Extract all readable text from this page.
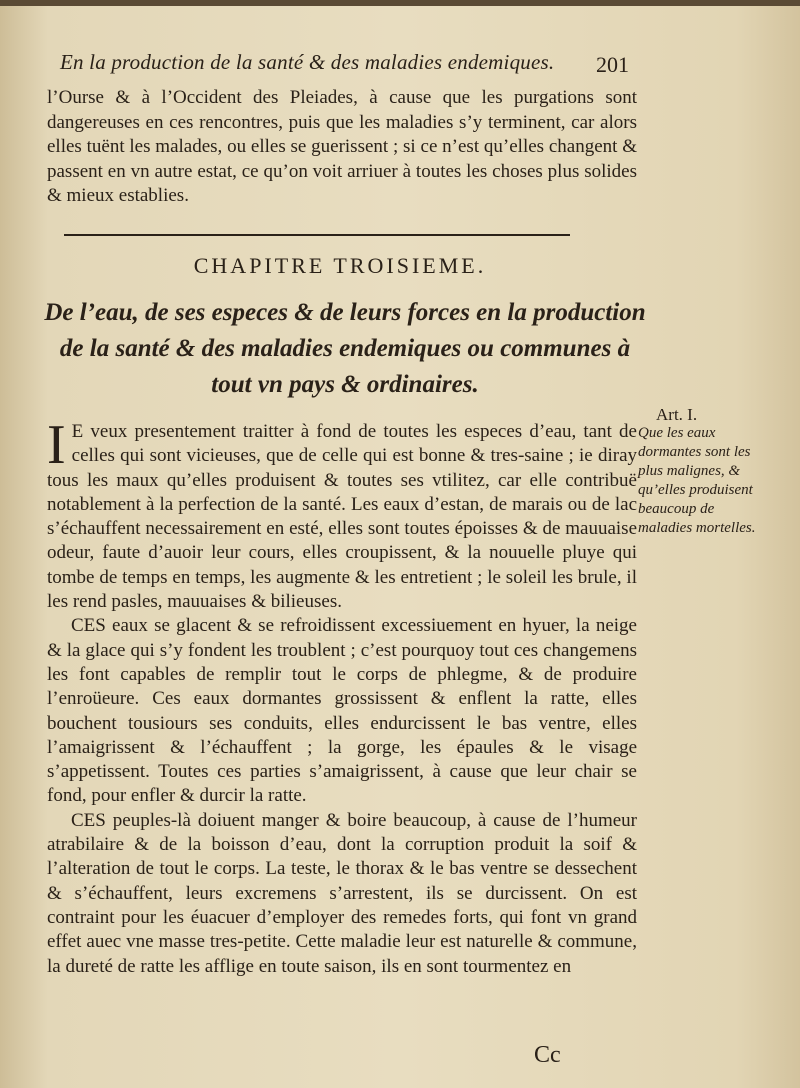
En la production de la santé & des maladies endemiques.	201
l’Ourse & à l’Occident des Pleiades, à cause que les purgations sont dangereuses en ces rencontres, puis que les maladies s’y terminent, car alors elles tuënt les malades, ou elles se guerissent ; si ce n’est qu’elles changent & passent en vn autre estat, ce qu’on voit arriuer à toutes les choses plus solides & mieux establies.
CHAPITRE TROISIEME.
De l’eau, de ses especes & de leurs forces en la production de la santé & des maladies endemiques ou communes à tout vn pays & ordinaires.
Art. I.
Que les eaux dormantes sont les plus malignes, & qu’elles produisent beaucoup de maladies mortelles.

I E veux presentement traitter à fond de toutes les especes d’eau, tant de celles qui sont vicieuses, que de celle qui est bonne & tres-saine ; ie diray tous les maux qu’elles produisent & toutes ses vtilitez, car elle contribuë notablement à la perfection de la santé. Les eaux d’estan, de marais ou de lac s’échauffent necessairement en esté, elles sont toutes époisses & de mauuaise odeur, faute d’auoir leur cours, elles croupissent, & la nouuelle pluye qui tombe de temps en temps, les augmente & les entretient ; le soleil les brule, il les rend pasles, mauuaises & bilieuses.

CES eaux se glacent & se refroidissent excessiuement en hyuer, la neige & la glace qui s’y fondent les troublent ; c’est pourquoy tout ces changemens les font capables de remplir tout le corps de phlegme, & de produire l’enroüeure. Ces eaux dormantes grossissent & enflent la ratte, elles bouchent tousiours ses conduits, elles endurcissent le bas ventre, elles l’amaigrissent & l’échauffent ; la gorge, les épaules & le visage s’appetissent. Toutes ces parties s’amaigrissent, à cause que leur chair se fond, pour enfler & durcir la ratte.

CES peuples-là doiuent manger & boire beaucoup, à cause de l’humeur atrabilaire & de la boisson d’eau, dont la corruption produit la soif & l’alteration de tout le corps. La teste, le thorax & le bas ventre se dessechent & s’échauffent, leurs excremens s’arrestent, ils se durcissent. On est contraint pour les éuacuer d’employer des remedes forts, qui font vn grand effet auec vne masse tres-petite. Cette maladie leur est naturelle & commune, la dureté de ratte les afflige en toute saison, ils en sont tourmentez en

Cc
